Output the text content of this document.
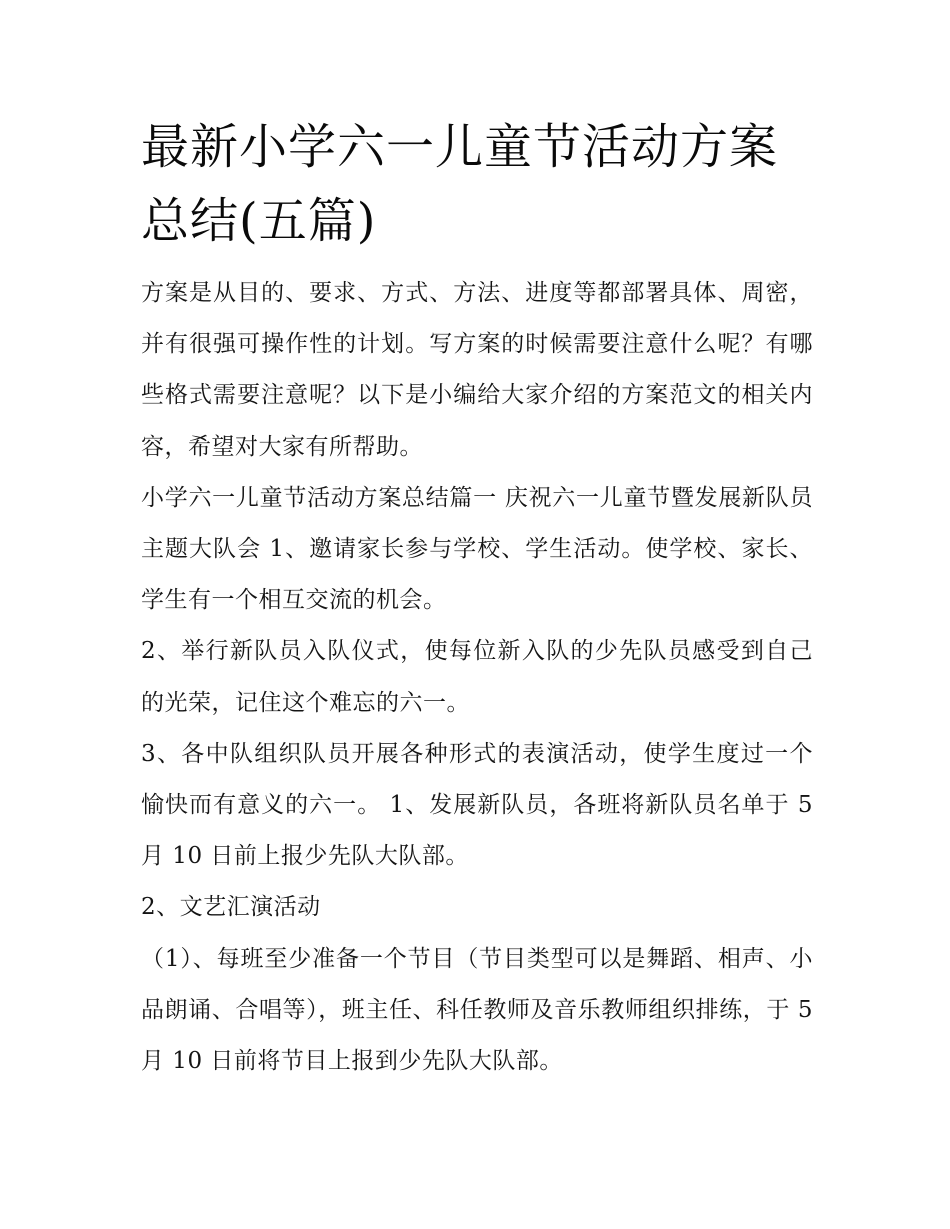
最新小学六一儿童节活动方案总结(五篇)

方案是从目的、要求、方式、方法、进度等都部署具体、周密，并有很强可操作性的计划。写方案的时候需要注意什么呢？有哪些格式需要注意呢？以下是小编给大家介绍的方案范文的相关内容，希望对大家有所帮助。

小学六一儿童节活动方案总结篇一 庆祝六一儿童节暨发展新队员主题大队会 1、邀请家长参与学校、学生活动。使学校、家长、学生有一个相互交流的机会。

2、举行新队员入队仪式，使每位新入队的少先队员感受到自己的光荣，记住这个难忘的六一。

3、各中队组织队员开展各种形式的表演活动，使学生度过一个愉快而有意义的六一。 1、发展新队员，各班将新队员名单于 5 月 10 日前上报少先队大队部。

2、文艺汇演活动

（1）、每班至少准备一个节目（节目类型可以是舞蹈、相声、小品朗诵、合唱等），班主任、科任教师及音乐教师组织排练，于 5 月 10 日前将节目上报到少先队大队部。
